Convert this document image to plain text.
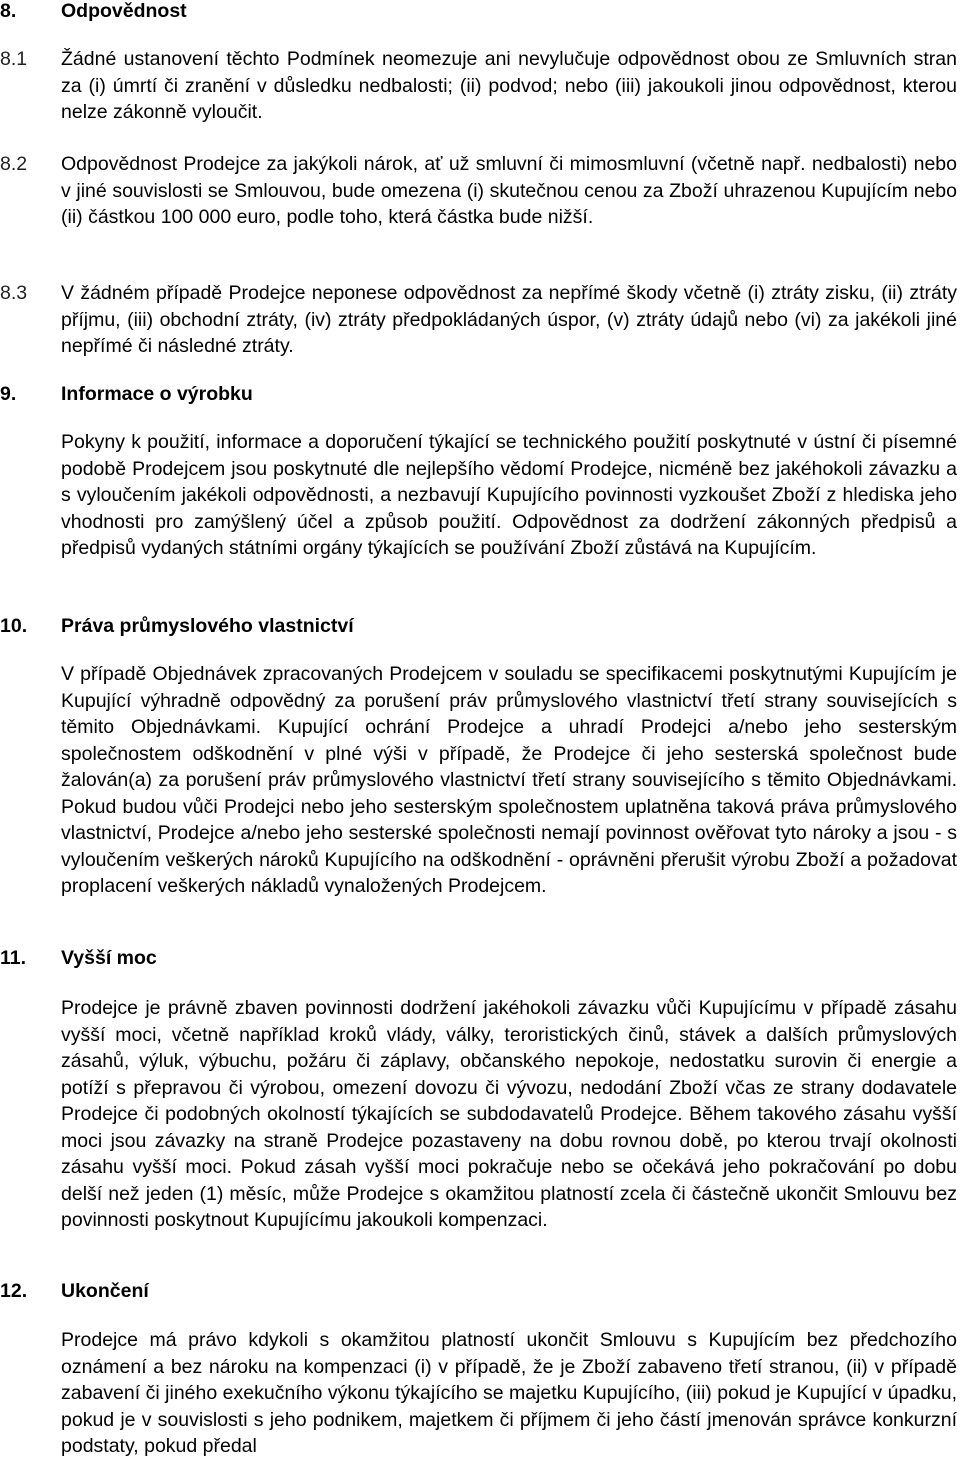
8. Odpovědnost
8.1 Žádné ustanovení těchto Podmínek neomezuje ani nevylučuje odpovědnost obou ze Smluvních stran za (i) úmrtí či zranění v důsledku nedbalosti; (ii) podvod; nebo (iii) jakoukoli jinou odpovědnost, kterou nelze zákonně vyloučit.
8.2 Odpovědnost Prodejce za jakýkoli nárok, ať už smluvní či mimosmluvní (včetně např. nedbalosti) nebo v jiné souvislosti se Smlouvou, bude omezena (i) skutečnou cenou za Zboží uhrazenou Kupujícím nebo (ii) částkou 100 000 euro, podle toho, která částka bude nižší.
8.3 V žádném případě Prodejce neponese odpovědnost za nepřímé škody včetně (i) ztráty zisku, (ii) ztráty příjmu, (iii) obchodní ztráty, (iv) ztráty předpokládaných úspor, (v) ztráty údajů nebo (vi) za jakékoli jiné nepřímé či následné ztráty.
9. Informace o výrobku
Pokyny k použití, informace a doporučení týkající se technického použití poskytnuté v ústní či písemné podobě Prodejcem jsou poskytnuté dle nejlepšího vědomí Prodejce, nicméně bez jakéhokoli závazku a s vyloučením jakékoli odpovědnosti, a nezbavují Kupujícího povinnosti vyzkoušet Zboží z hlediska jeho vhodnosti pro zamýšlený účel a způsob použití. Odpovědnost za dodržení zákonných předpisů a předpisů vydaných státními orgány týkajících se používání Zboží zůstává na Kupujícím.
10. Práva průmyslového vlastnictví
V případě Objednávek zpracovaných Prodejcem v souladu se specifikacemi poskytnutými Kupujícím je Kupující výhradně odpovědný za porušení práv průmyslového vlastnictví třetí strany souvisejících s těmito Objednávkami. Kupující ochrání Prodejce a uhradí Prodejci a/nebo jeho sesterským společnostem odškodnění v plné výši v případě, že Prodejce či jeho sesterská společnost bude žalován(a) za porušení práv průmyslového vlastnictví třetí strany souvisejícího s těmito Objednávkami. Pokud budou vůči Prodejci nebo jeho sesterským společnostem uplatněna taková práva průmyslového vlastnictví, Prodejce a/nebo jeho sesterské společnosti nemají povinnost ověřovat tyto nároky a jsou - s vyloučením veškerých nároků Kupujícího na odškodnění - oprávněni přerušit výrobu Zboží a požadovat proplacení veškerých nákladů vynaložených Prodejcem.
11. Vyšší moc
Prodejce je právně zbaven povinnosti dodržení jakéhokoli závazku vůči Kupujícímu v případě zásahu vyšší moci, včetně například kroků vlády, války, teroristických činů, stávek a dalších průmyslových zásahů, výluk, výbuchu, požáru či záplavy, občanského nepokoje, nedostatku surovin či energie a potíží s přepravou či výrobou, omezení dovozu či vývozu, nedodání Zboží včas ze strany dodavatele Prodejce či podobných okolností týkajících se subdodavatelů Prodejce. Během takového zásahu vyšší moci jsou závazky na straně Prodejce pozastaveny na dobu rovnou době, po kterou trvají okolnosti zásahu vyšší moci. Pokud zásah vyšší moci pokračuje nebo se očekává jeho pokračování po dobu delší než jeden (1) měsíc, může Prodejce s okamžitou platností zcela či částečně ukončit Smlouvu bez povinnosti poskytnout Kupujícímu jakoukoli kompenzaci.
12. Ukončení
Prodejce má právo kdykoli s okamžitou platností ukončit Smlouvu s Kupujícím bez předchozího oznámení a bez nároku na kompenzaci (i) v případě, že je Zboží zabaveno třetí stranou, (ii) v případě zabavení či jiného exekučního výkonu týkajícího se majetku Kupujícího, (iii) pokud je Kupující v úpadku, pokud je v souvislosti s jeho podnikem, majetkem či příjmem či jeho částí jmenován správce konkurzní podstaty, pokud předal
